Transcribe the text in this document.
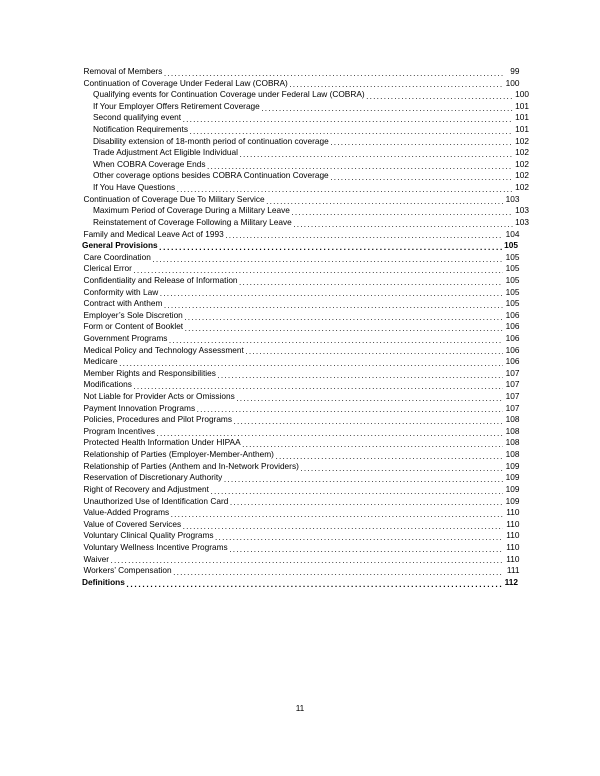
Removal of Members . . .	99
Continuation of Coverage Under Federal Law (COBRA) . . .	100
Qualifying events for Continuation Coverage under Federal Law (COBRA) . . .	100
If Your Employer Offers Retirement Coverage . . .	101
Second qualifying event . . .	101
Notification Requirements . . .	101
Disability extension of 18-month period of continuation coverage . . .	102
Trade Adjustment Act Eligible Individual . . .	102
When COBRA Coverage Ends . . .	102
Other coverage options besides COBRA Continuation Coverage . . .	102
If You Have Questions . . .	102
Continuation of Coverage Due To Military Service . . .	103
Maximum Period of Coverage During a Military Leave . . .	103
Reinstatement of Coverage Following a Military Leave . . .	103
Family and Medical Leave Act of 1993 . . .	104
General Provisions . . .	105
Care Coordination . . .	105
Clerical Error . . .	105
Confidentiality and Release of Information . . .	105
Conformity with Law . . .	105
Contract with Anthem . . .	105
Employer’s Sole Discretion . . .	106
Form or Content of Booklet . . .	106
Government Programs . . .	106
Medical Policy and Technology Assessment . . .	106
Medicare . . .	106
Member Rights and Responsibilities . . .	107
Modifications . . .	107
Not Liable for Provider Acts or Omissions . . .	107
Payment Innovation Programs . . .	107
Policies, Procedures and Pilot Programs . . .	108
Program Incentives . . .	108
Protected Health Information Under HIPAA . . .	108
Relationship of Parties (Employer-Member-Anthem) . . .	108
Relationship of Parties (Anthem and In-Network Providers) . . .	109
Reservation of Discretionary Authority . . .	109
Right of Recovery and Adjustment . . .	109
Unauthorized Use of Identification Card . . .	109
Value-Added Programs . . .	110
Value of Covered Services . . .	110
Voluntary Clinical Quality Programs . . .	110
Voluntary Wellness Incentive Programs . . .	110
Waiver . . .	110
Workers’ Compensation . . .	111
Definitions . . .	112
11
